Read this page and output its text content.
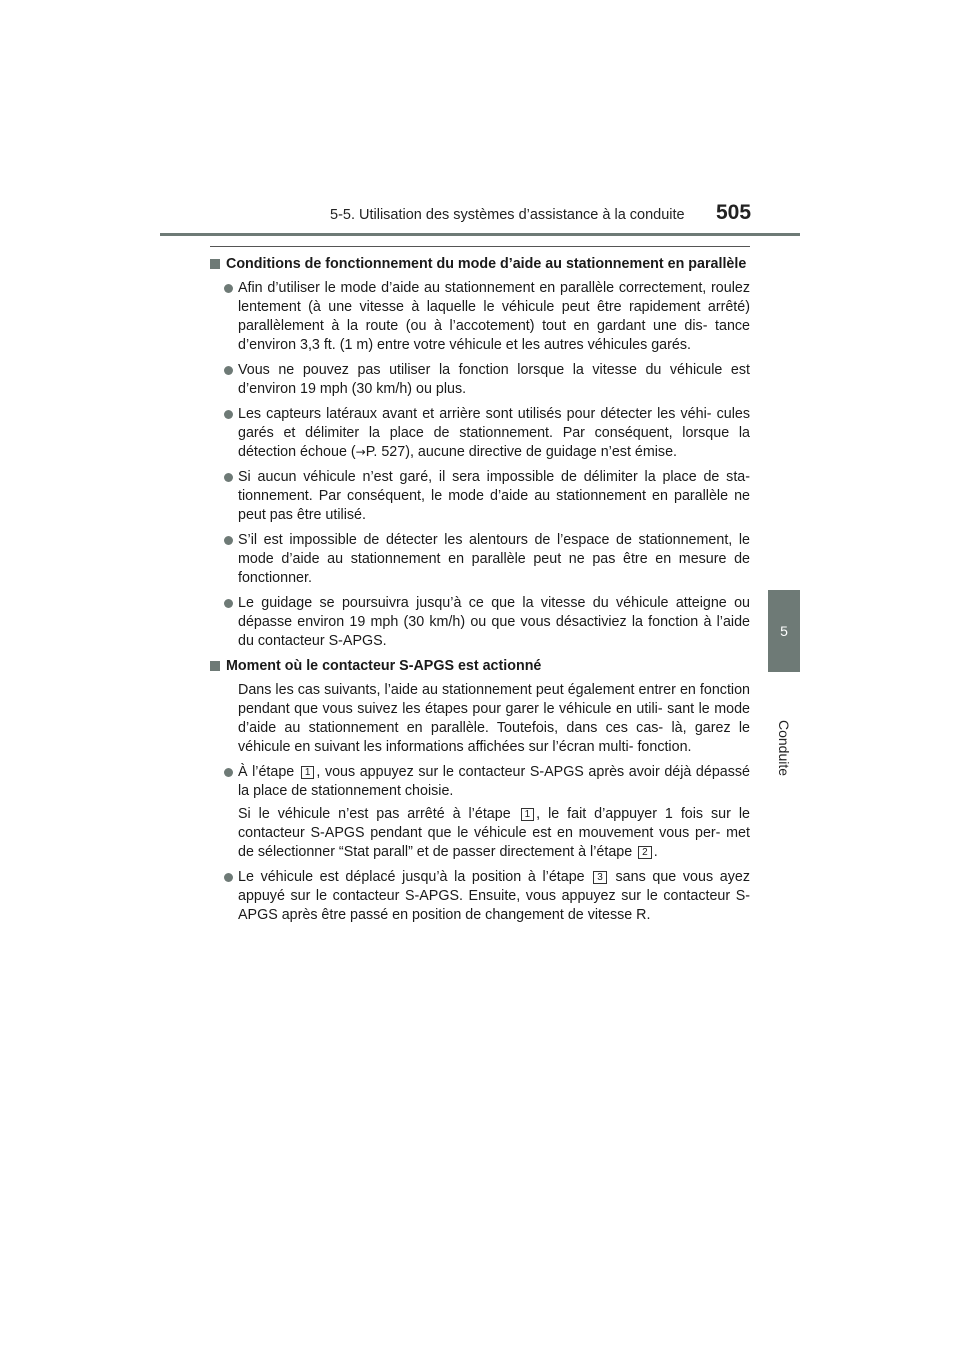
5-5. Utilisation des systèmes d’assistance à la conduite 505
5
Conduite
Conditions de fonctionnement du mode d’aide au stationnement en parallèle
Afin d’utiliser le mode d’aide au stationnement en parallèle correctement, roulez lentement (à une vitesse à laquelle le véhicule peut être rapidement arrêté) parallèlement à la route (ou à l’accotement) tout en gardant une dis- tance d’environ 3,3 ft. (1 m) entre votre véhicule et les autres véhicules garés.
Vous ne pouvez pas utiliser la fonction lorsque la vitesse du véhicule est d’environ 19 mph (30 km/h) ou plus.
Les capteurs latéraux avant et arrière sont utilisés pour détecter les véhi- cules garés et délimiter la place de stationnement. Par conséquent, lorsque la détection échoue (→P. 527), aucune directive de guidage n’est émise.
Si aucun véhicule n’est garé, il sera impossible de délimiter la place de sta- tionnement. Par conséquent, le mode d’aide au stationnement en parallèle ne peut pas être utilisé.
S’il est impossible de détecter les alentours de l’espace de stationnement, le mode d’aide au stationnement en parallèle peut ne pas être en mesure de fonctionner.
Le guidage se poursuivra jusqu’à ce que la vitesse du véhicule atteigne ou dépasse environ 19 mph (30 km/h) ou que vous désactiviez la fonction à l’aide du contacteur S-APGS.
Moment où le contacteur S-APGS est actionné
Dans les cas suivants, l’aide au stationnement peut également entrer en fonction pendant que vous suivez les étapes pour garer le véhicule en utili- sant le mode d’aide au stationnement en parallèle. Toutefois, dans ces cas- là, garez le véhicule en suivant les informations affichées sur l’écran multi- fonction.
À l’étape 1 , vous appuyez sur le contacteur S-APGS après avoir déjà dépassé la place de stationnement choisie.
Si le véhicule n’est pas arrêté à l’étape 1 , le fait d’appuyer 1 fois sur le contacteur S-APGS pendant que le véhicule est en mouvement vous per- met de sélectionner “Stat parall” et de passer directement à l’étape 2 .
Le véhicule est déplacé jusqu’à la position à l’étape 3 sans que vous ayez appuyé sur le contacteur S-APGS. Ensuite, vous appuyez sur le contacteur S-APGS après être passé en position de changement de vitesse R.
